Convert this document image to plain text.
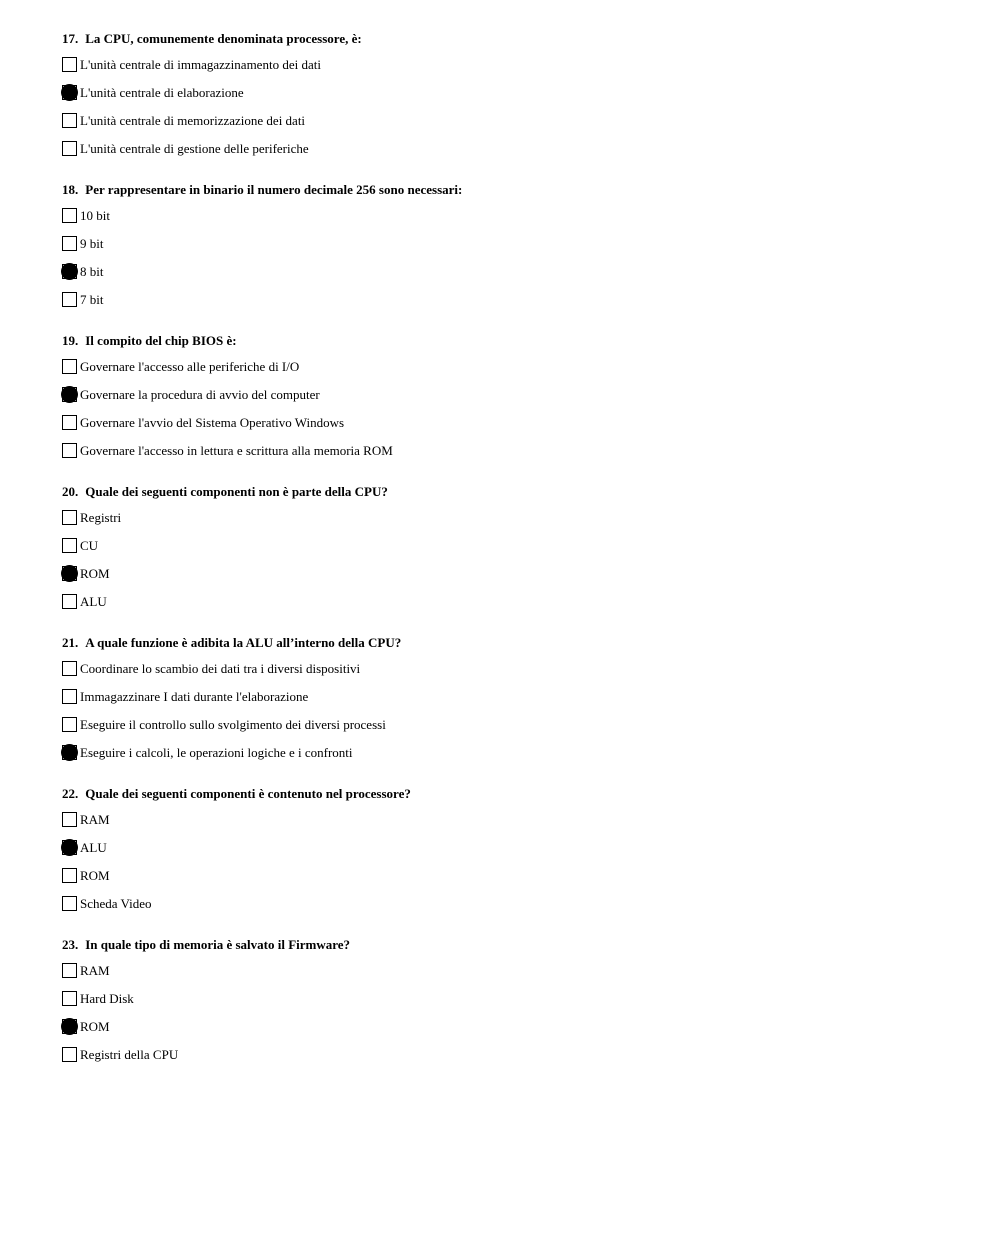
17. La CPU, comunemente denominata processore, è:
L'unità centrale di immagazzinamento dei dati
L'unità centrale di elaborazione
L'unità centrale di memorizzazione dei dati
L'unità centrale di gestione delle periferiche
18. Per rappresentare in binario il numero decimale 256 sono necessari:
10 bit
9 bit
8 bit
7 bit
19. Il compito del chip BIOS è:
Governare l'accesso alle periferiche di I/O
Governare la procedura di avvio del computer
Governare l'avvio del Sistema Operativo Windows
Governare l'accesso in lettura e scrittura alla memoria ROM
20. Quale dei seguenti componenti non è parte della CPU?
Registri
CU
ROM
ALU
21. A quale funzione è adibita la ALU all’interno della CPU?
Coordinare lo scambio dei dati tra i diversi dispositivi
Immagazzinare I dati durante l'elaborazione
Eseguire il controllo sullo svolgimento dei diversi processi
Eseguire i calcoli, le operazioni logiche e i confronti
22. Quale dei seguenti componenti è contenuto nel processore?
RAM
ALU
ROM
Scheda Video
23. In quale tipo di memoria è salvato il Firmware?
RAM
Hard Disk
ROM
Registri della CPU
